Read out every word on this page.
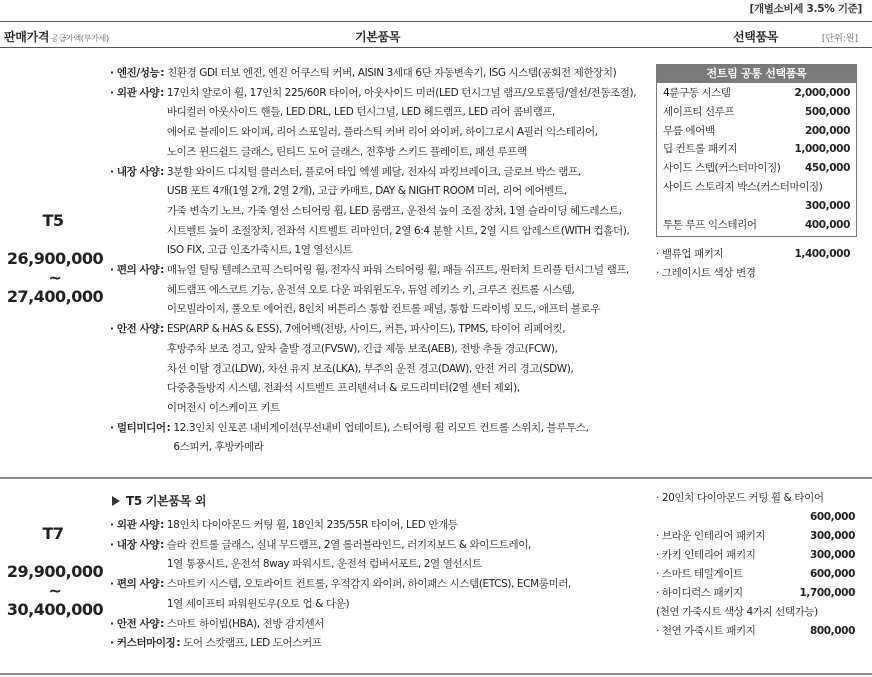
[개별소비세 3.5% 기준]
판매가격 공급가액(부가세)	기본품목	선택품목	[단위:원]
T5
26,900,000
~
27,400,000
· 엔진/성능 : 친환경 GDI 터보 엔진, 엔진 어쿠스틱 커버, AISIN 3세대 6단 자동변속기, ISG 시스템(공회전 제한장치)
· 외관 사양 : 17인치 알로이 휠, 17인치 225/60R 타이어, 아웃사이드 미러(LED 턴시그널 램프/오토폴딩/열선/전동조절),
바디컬러 아웃사이드 핸들, LED DRL, LED 턴시그널, LED 헤드램프, LED 리어 콤비램프,
에어로 블레이드 와이퍼, 리어 스포일러, 플라스틱 커버 리어 와이퍼, 하이그로시 A필러 익스테리어,
노이즈 윈드쉴드 글래스, 틴티드 도어 글래스, 전후방 스키드 플레이트, 패션 루프랙
· 내장 사양 : 3분할 와이드 디지털 클러스터, 플로어 타입 엑셀 페달, 전자식 파킹브레이크, 글로브 박스 램프,
USB 포트 4개(1열 2개, 2열 2개), 고급 카매트, DAY & NIGHT ROOM 미러, 리어 에어벤트,
가죽 변속기 노브, 가죽 열선 스티어링 휠, LED 룸램프, 운전석 높이 조절 장치, 1열 슬라이딩 헤드레스트,
시트벨트 높이 조절장치, 전좌석 시트벨트 리마인더, 2열 6:4 분할 시트, 2열 시트 암레스트(WITH 컵홀더),
ISO FIX, 고급 인조가죽시트, 1열 열선시트
· 편의 사양 : 매뉴얼 틸팅 텔레스코픽 스티어링 휠, 전자식 파워 스티어링 휠, 패들 쉬프트, 원터치 트리플 턴시그널 램프,
헤드램프 에스코트 기능, 운전석 오토 다운 파워윈도우, 듀얼 레키스 키, 크루즈 컨트롤 시스템,
이모빌라이저, 풀오토 에어컨, 8인치 버튼리스 통합 컨트롤 패널, 통합 드라이빙 모드, 애프터 블로우
· 안전 사양 : ESP(ARP & HAS & ESS), 7에어백(전방, 사이드, 커튼, 파사이드), TPMS, 타이어 리페어킷,
후방주차 보조 경고, 앞차 출발 경고(FVSW), 긴급 제동 보조(AEB), 전방 추돌 경고(FCW),
차선 이탈 경고(LDW), 차선 유지 보조(LKA), 부주의 운전 경고(DAW), 안전 거리 경고(SDW),
다중충돌방지 시스템, 전좌석 시트벨트 프리텐셔너 & 로드리미터(2열 센터 제외),
이머전시 이스케이프 키트
· 멀티미디어 : 12.3인치 인포콘 내비게이션(무선내비 업데이트), 스티어링 휠 리모트 컨트롤 스위치, 블루투스,
6스피커, 후방카메라
전트림 공통 선택품목
4륜구동 시스템	2,000,000
세이프티 선루프	500,000
무릎 에어백	200,000
딥 컨트롤 패키지	1,000,000
사이드 스텝(커스터마이징) 450,000
사이드 스토리지 박스(커스터마이징)
300,000
투톤 루프 익스테리어	400,000
· 밸류업 패키지	1,400,000
· 그레이시트 색상 변경
T7
29,900,000
~
30,400,000
T5 기본품목 외
· 외관 사양 : 18인치 다이아몬드 커팅 휠, 18인치 235/55R 타이어, LED 안개등
· 내장 사양 : 슬라 컨트롤 글래스, 실내 무드램프, 2열 롤러블라인드, 러기지보드 & 와이드트레이,
1열 통풍시트, 운전석 8way 파워시트, 운전석 럼버서포트, 2열 열선시트
· 편의 사양 : 스마트키 시스템, 오토라이트 컨트롤, 우적감지 와이퍼, 하이패스 시스템(ETCS), ECM룸미러,
1열 세이프티 파워윈도우(오토 업 & 다운)
· 안전 사양 : 스마트 하이빔(HBA), 전방 감지센서
· 커스터마이징 : 도어 스캇램프, LED 도어스커프
· 20인치 다이아몬드 커팅 휠 & 타이어
600,000
· 브라운 인테리어 패키지	300,000
· 카키 인테리어 패키지	300,000
· 스마트 테일게이트	600,000
· 하이디럭스 패키지	1,700,000
(천연 가죽시트 색상 4가지 선택가능)
· 천연 가죽시트 패키지	800,000
